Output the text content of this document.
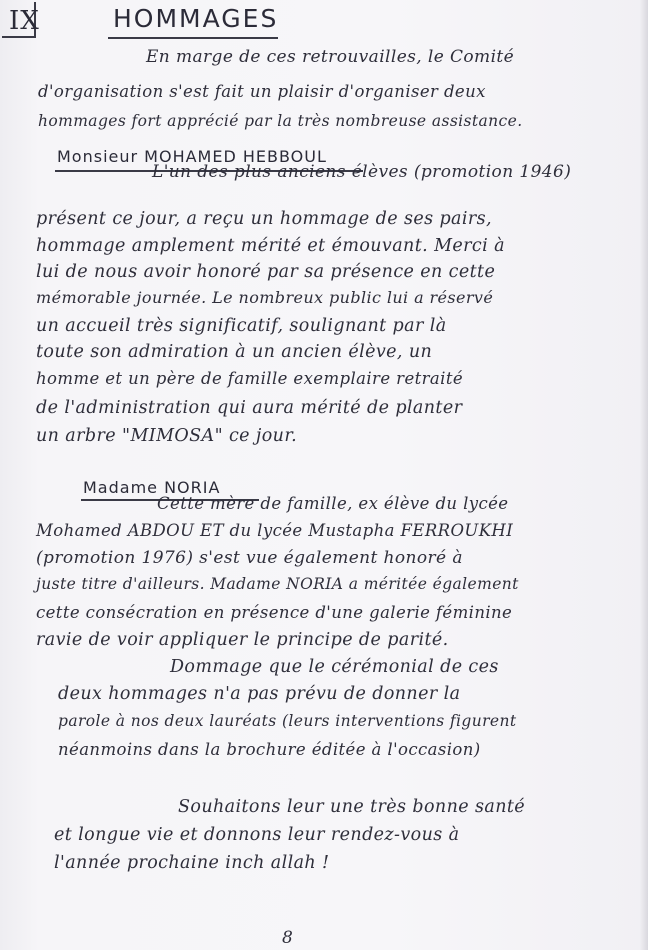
IX	HOMMAGES
En marge de ces retrouvailles, le Comité
d'organisation s'est fait un plaisir d'organiser deux
hommages fort apprécié par la très nombreuse assistance.
Monsieur MOHAMED HEBBOUL
L'un des plus anciens élèves (promotion 1946)
présent ce jour, a reçu un hommage de ses pairs,
hommage amplement mérité et émouvant. Merci à
lui de nous avoir honoré par sa présence en cette
mémorable journée. Le nombreux public lui a réservé
un accueil très significatif, soulignant par là
toute son admiration à un ancien élève, un
homme et un père de famille exemplaire retraité
de l'administration qui aura mérité de planter
un arbre "MIMOSA" ce jour.
Madame NORIA
Cette mère de famille, ex élève du lycée
Mohamed ABDOU ET du lycée Mustapha FERROUKHI
(promotion 1976) s'est vue également honoré à
juste titre d'ailleurs. Madame NORIA a méritée également
cette consécration en présence d'une galerie féminine
ravie de voir appliquer le principe de parité.
Dommage que le cérémonial de ces
deux hommages n'a pas prévu de donner la
parole à nos deux lauréats (leurs interventions figurent
néanmoins dans la brochure éditée à l'occasion)
Souhaitons leur une très bonne santé
et longue vie et donnons leur rendez-vous à
l'année prochaine inch allah !
8
